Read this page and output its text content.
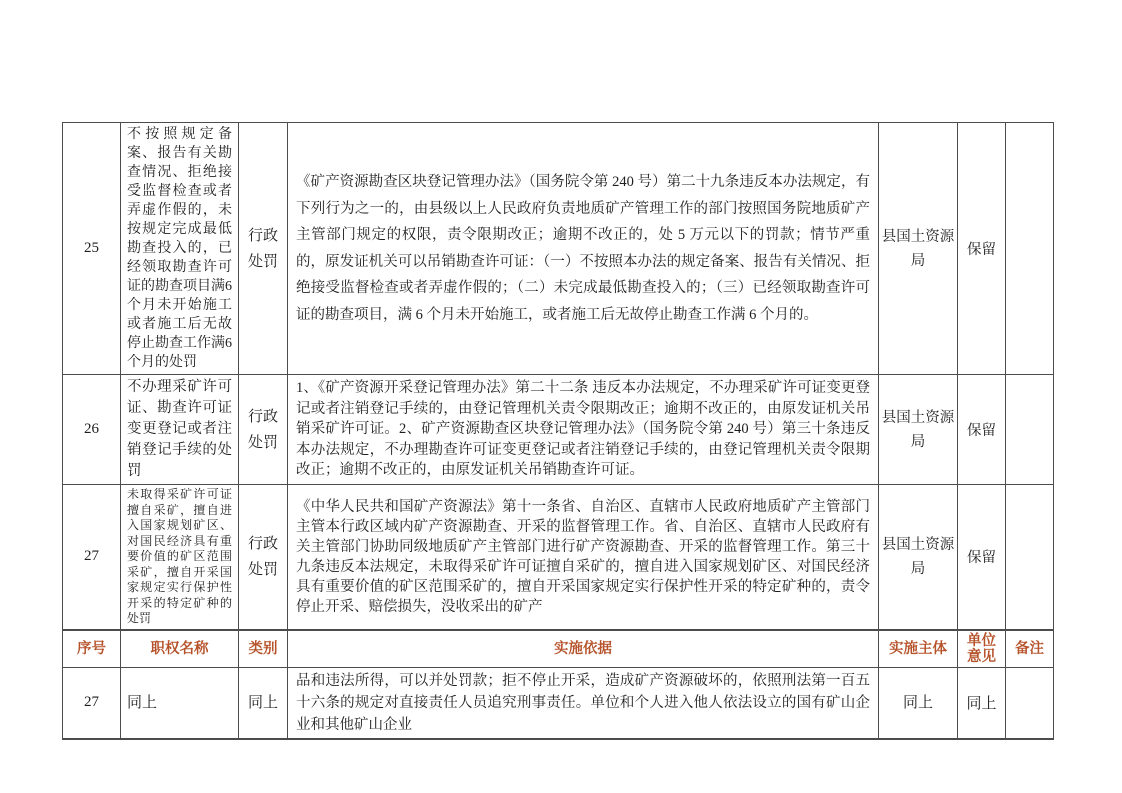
25	不按照规定备案、报告有关勘查情况、拒绝接受监督检查或者弄虚作假的，未按规定完成最低勘查投入的，已经领取勘查许可证的勘查项目满6个月未开始施工或者施工后无故停止勘查工作满6个月的处罚	行政处罚	《矿产资源勘查区块登记管理办法》（国务院令第 240 号）第二十九条违反本办法规定，有下列行为之一的，由县级以上人民政府负责地质矿产管理工作的部门按照国务院地质矿产主管部门规定的权限，责令限期改正；逾期不改正的，处 5 万元以下的罚款；情节严重的，原发证机关可以吊销勘查许可证：（一）不按照本办法的规定备案、报告有关情况、拒绝接受监督检查或者弄虚作假的；（二）未完成最低勘查投入的；（三）已经领取勘查许可证的勘查项目，满 6 个月未开始施工，或者施工后无故停止勘查工作满 6 个月的。	县国土资源局	保留	
26	不办理采矿许可证、勘查许可证变更登记或者注销登记手续的处罚	行政处罚	1、《矿产资源开采登记管理办法》第二十二条 违反本办法规定，不办理采矿许可证变更登记或者注销登记手续的，由登记管理机关责令限期改正；逾期不改正的，由原发证机关吊销采矿许可证。2、矿产资源勘查区块登记管理办法》（国务院令第 240 号）第三十条违反本办法规定，不办理勘查许可证变更登记或者注销登记手续的，由登记管理机关责令限期改正；逾期不改正的，由原发证机关吊销勘查许可证。	县国土资源局	保留	
27	未取得采矿许可证擅自采矿，擅自进入国家规划矿区、对国民经济具有重要价值的矿区范围采矿，擅自开采国家规定实行保护性开采的特定矿种的处罚	行政处罚	《中华人民共和国矿产资源法》第十一条省、自治区、直辖市人民政府地质矿产主管部门主管本行政区域内矿产资源勘查、开采的监督管理工作。省、自治区、直辖市人民政府有关主管部门协助同级地质矿产主管部门进行矿产资源勘查、开采的监督管理工作。第三十九条违反本法规定，未取得采矿许可证擅自采矿的，擅自进入国家规划矿区、对国民经济具有重要价值的矿区范围采矿的，擅自开采国家规定实行保护性开采的特定矿种的，责令停止开采、赔偿损失，没收采出的矿产	县国土资源局	保留	
序号	职权名称	类别	实施依据	实施主体	单位意见	备注
27	同上	同上	品和违法所得，可以并处罚款；拒不停止开采，造成矿产资源破坏的，依照刑法第一百五十六条的规定对直接责任人员追究刑事责任。单位和个人进入他人依法设立的国有矿山企业和其他矿山企业	同上	同上	
